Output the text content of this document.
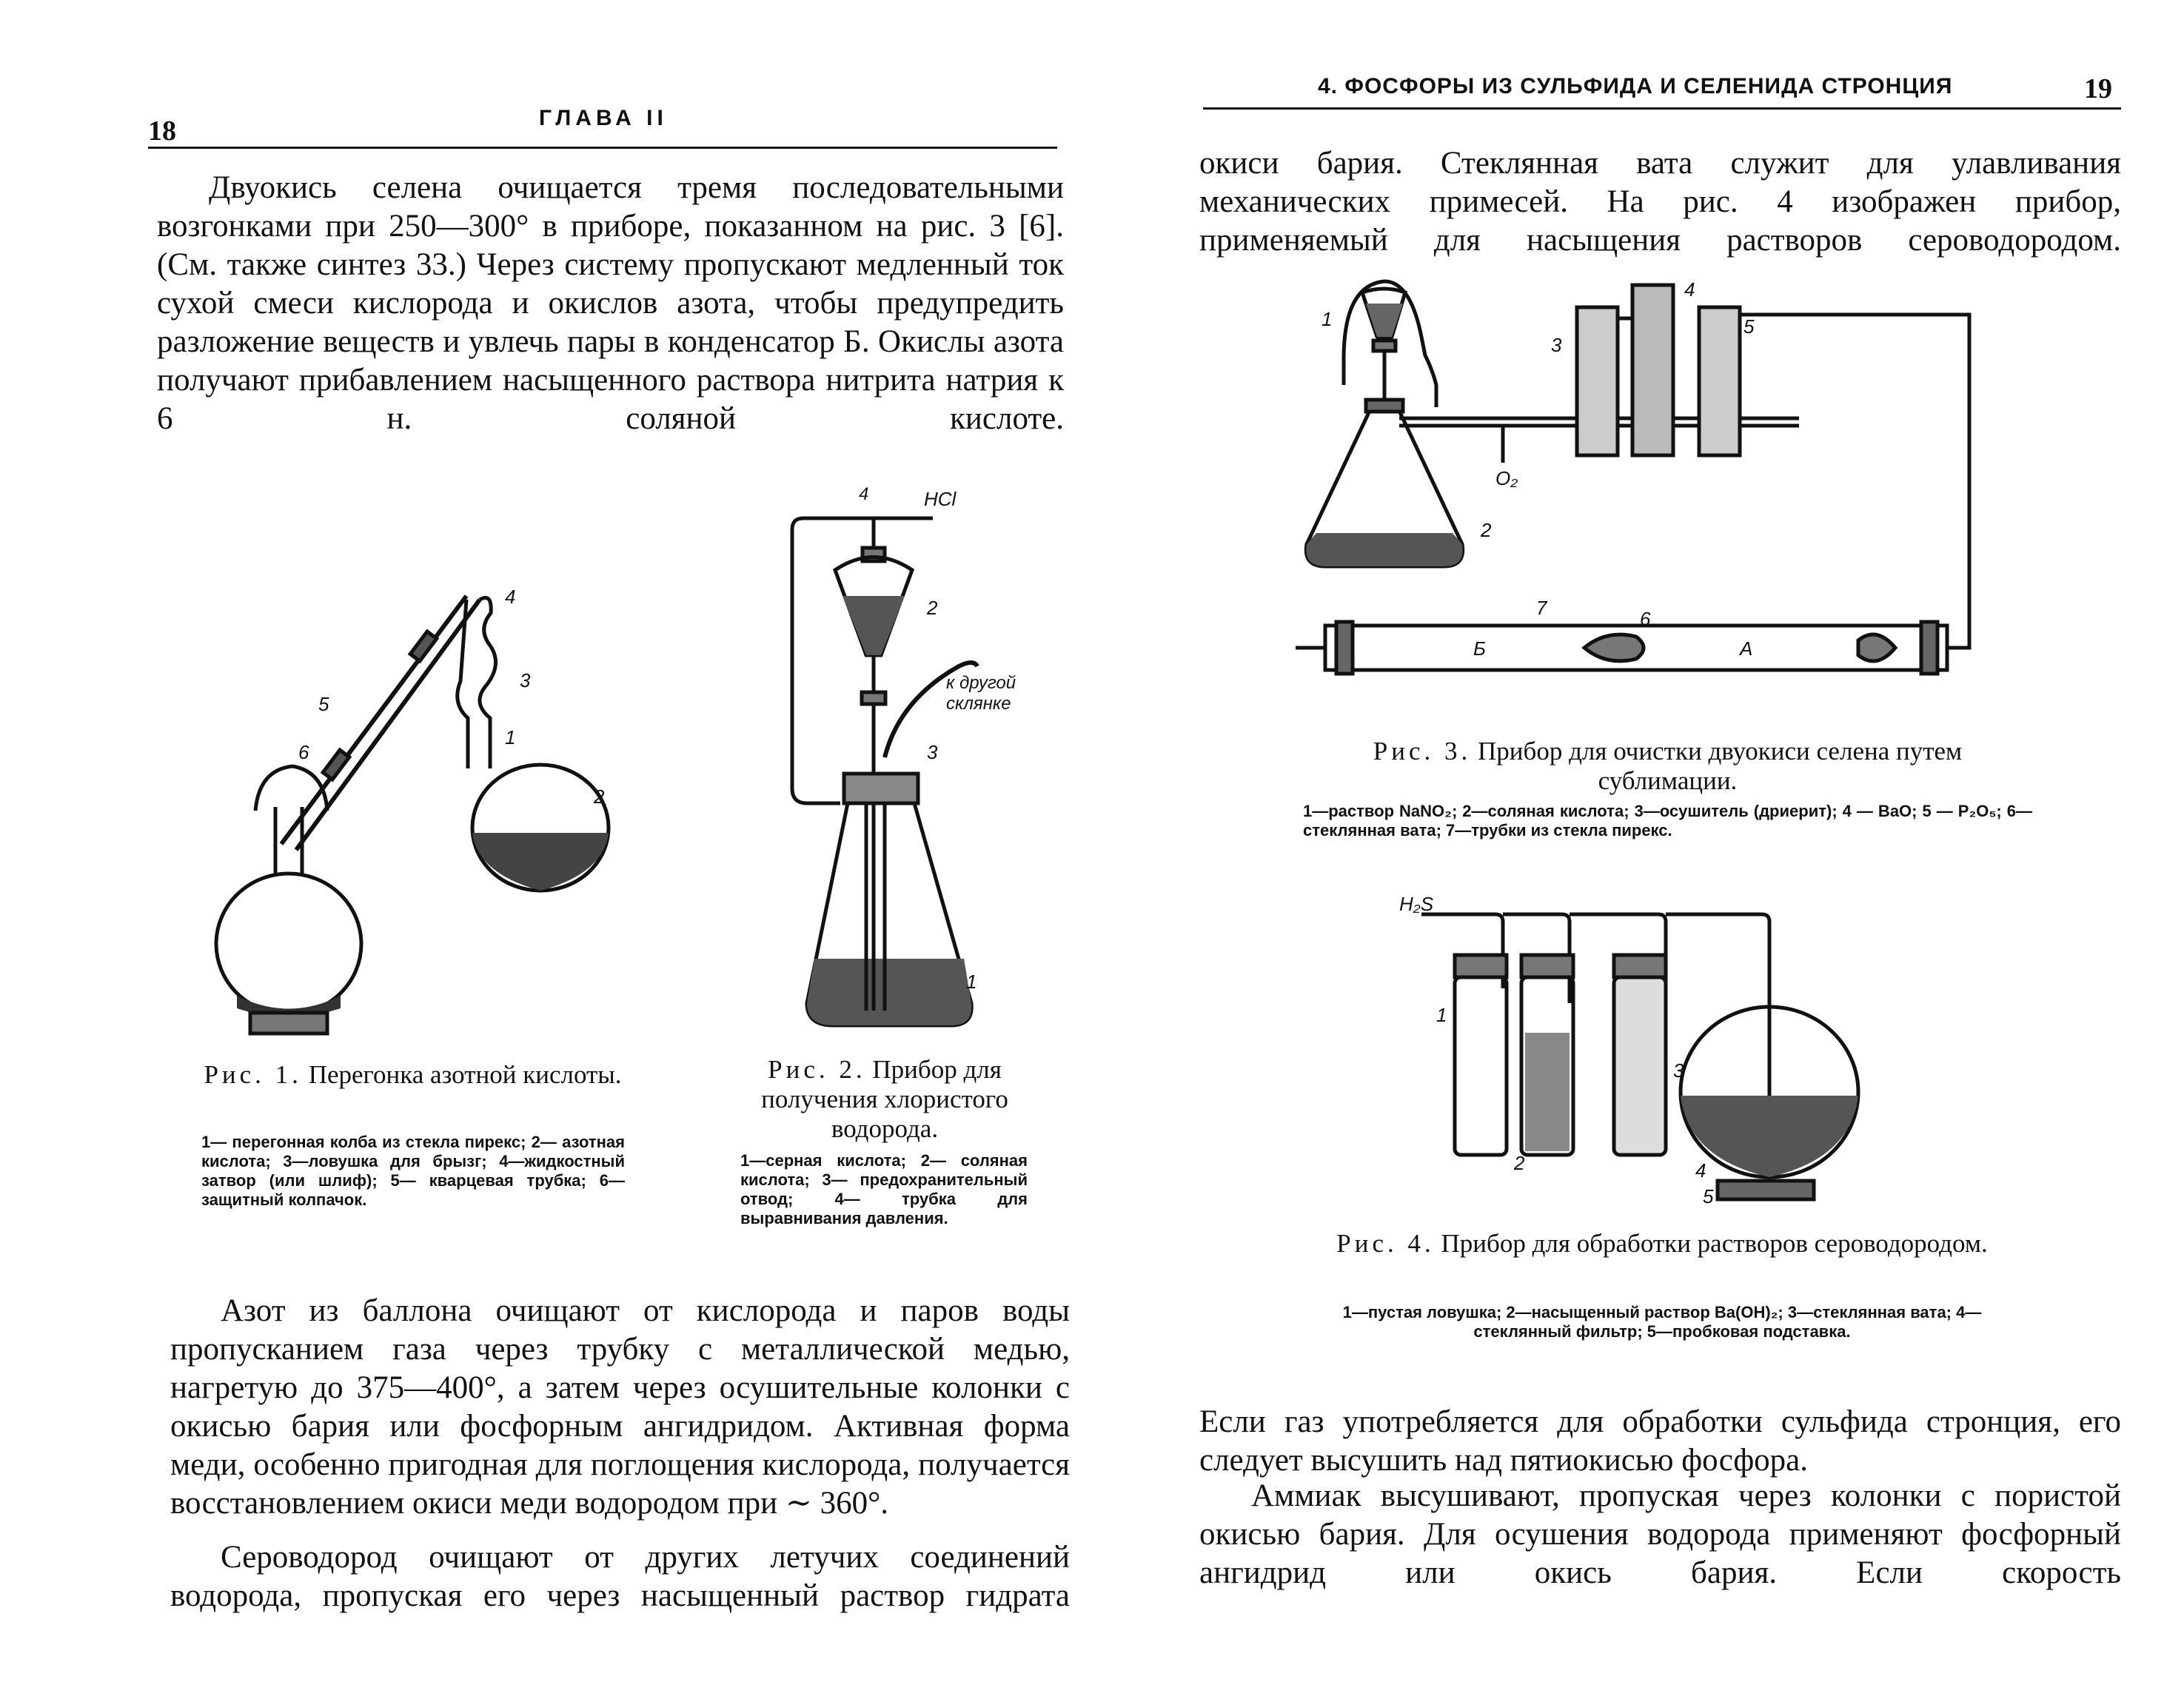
18	ГЛАВА II

Двуокись селена очищается тремя последовательными возгонками при 250—300° в приборе, показанном на рис. 3 [6]. (См. также синтез 33.) Через систему пропускают медленный ток сухой смеси кислорода и окислов азота, чтобы предупредить разложение веществ и увлечь пары в конденсатор Б. Окислы азота получают прибавлением насыщенного раствора нитрита натрия к 6 н. соляной кислоте.

1
2
3
4
5
6
Рис. 1. Перегонка азотной кислоты.

1— перегонная колба из стекла пирекс; 2— азотная кислота; 3—ловушка для брызг; 4—жидкостный затвор (или шлиф); 5— кварцевая трубка; 6—защитный колпачок.

4	HCl
2
к другой
склянке
3
1
Рис. 2. Прибор для получения хлористого водорода.

1—серная кислота; 2— соляная кислота; 3— предохранительный отвод; 4— трубка для выравнивания давления.

Азот из баллона очищают от кислорода и паров воды пропусканием газа через трубку с металлической медью, нагретую до 375—400°, а затем через осушительные колонки с окисью бария или фосфорным ангидридом. Активная форма меди, особенно пригодная для поглощения кислорода, получается восстановлением окиси меди водородом при ∼ 360°.

Сероводород очищают от других летучих соединений водорода, пропуская его через насыщенный раствор гидрата

4. ФОСФОРЫ ИЗ СУЛЬФИДА И СЕЛЕНИДА СТРОНЦИЯ	19

окиси бария. Стеклянная вата служит для улавливания механических примесей. На рис. 4 изображен прибор, применяемый для насыщения растворов сероводородом.

1
2
3
4
5
6
7
O₂
Б	А
Рис. 3. Прибор для очистки двуокиси селена путем сублимации.

1—раствор NaNO₂; 2—соляная кислота; 3—осушитель (дриерит); 4 — BaO; 5 — P₂O₅; 6—стеклянная вата; 7—трубки из стекла пирекс.

H₂S
1
2
3
4
5
Рис. 4. Прибор для обработки растворов сероводородом.

1—пустая ловушка; 2—насыщенный раствор Ba(OH)₂; 3—стеклянная вата; 4—стеклянный фильтр; 5—пробковая подставка.

Если газ употребляется для обработки сульфида стронция, его следует высушить над пятиокисью фосфора.

Аммиак высушивают, пропуская через колонки с пористой окисью бария. Для осушения водорода применяют фосфорный ангидрид или окись бария. Если скорость
